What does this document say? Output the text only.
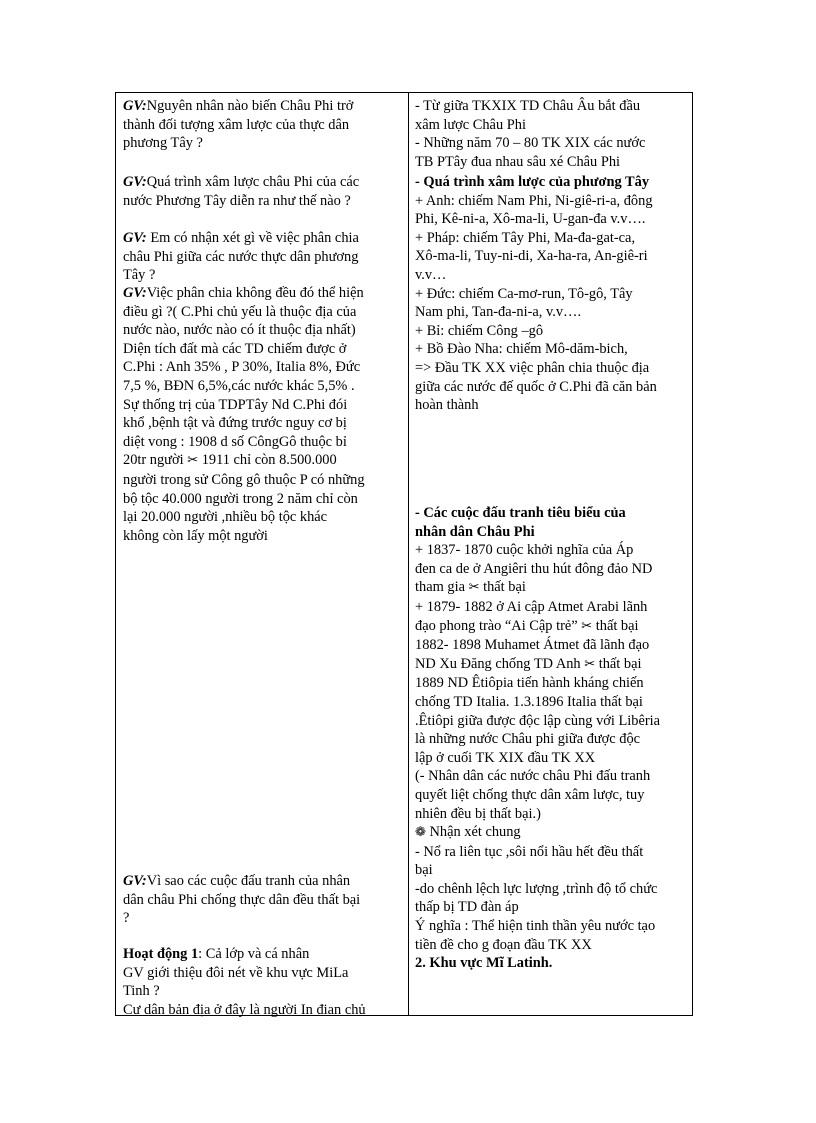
GV:Nguyên nhân nào biến Châu Phi trở
thành đối tượng xâm lược của thực dân
phương Tây ?
GV:Quá trình xâm lược châu Phi của các
nước Phương Tây diễn ra như thế nào ?
GV: Em có nhận xét gì về việc phân chia
châu Phi giữa các nước thực dân phương
Tây ?
GV:Việc phân chia không đều đó thể hiện
điều gì ?( C.Phi chủ yếu là thuộc địa của
nước nào, nước nào có ít thuộc địa nhất)
Diện tích đất mà các TD chiếm được ở
C.Phi : Anh 35% , P 30%, Italia 8%, Đức
7,5 %, BĐN 6,5%,các nước khác 5,5% .
Sự thống trị của TDPTây Nd C.Phi đói
khổ ,bệnh tật và đứng trước nguy cơ bị
diệt vong : 1908 d số CôngGô thuộc bỉ
20tr người ✂ 1911 chỉ còn 8.500.000
người trong sử Công gô thuộc P có những
bộ tộc 40.000 người trong 2 năm chỉ còn
lại 20.000 người ,nhiều bộ tộc khác
không còn lấy một người
GV:Vì sao các cuộc đấu tranh của nhân
dân châu Phi chống thực dân đều thất bại
?
Hoạt động 1: Cả lớp và cá nhân
GV giới thiệu đôi nét về khu vực MiLa
Tinh ?
Cư dân bản địa ở đây là người In đian chủ
- Từ giữa TKXIX TD Châu Âu bắt đầu
xâm lược Châu Phi
- Những năm 70 – 80 TK XIX các nước
TB PTây đua nhau sâu xé Châu Phi
- Quá trình xâm lược của phương Tây
+ Anh: chiếm Nam Phi, Ni-giê-ri-a, đông
Phi, Kê-ni-a, Xô-ma-li, U-gan-đa v.v….
+ Pháp: chiếm Tây Phi, Ma-đa-gat-ca,
Xô-ma-li, Tuy-ni-di, Xa-ha-ra, An-giê-ri
v.v…
+ Đức: chiếm Ca-mơ-run, Tô-gô, Tây
Nam phi, Tan-đa-ni-a, v.v….
+ Bỉ: chiếm Công –gô
+ Bồ Đào Nha: chiếm Mô-dăm-bich,
=> Đầu TK XX việc phân chia thuộc địa
giữa các nước đế quốc ở C.Phi đã căn bản
hoàn thành
- Các cuộc đấu tranh tiêu biểu của
nhân dân Châu Phi
+ 1837- 1870 cuộc khởi nghĩa của Áp
đen ca de ở Angiêri thu hút đông đảo ND
tham gia ✂ thất bại
+ 1879- 1882 ở Ai cập Atmet Arabi lãnh
đạo phong trào “Ai Cập trẻ” ✂ thất bại
1882- 1898 Muhamet Átmet đã lãnh đạo
ND Xu Đăng chống TD Anh ✂ thất bại
1889 ND Êtiôpia tiến hành kháng chiến
chống TD Italia. 1.3.1896 Italia thất bại
.Êtiôpi giữa được độc lập cùng với Libêria
là những nước Châu phi giữa được độc
lập ở cuối TK XIX đầu TK XX
(- Nhân dân các nước châu Phi đấu tranh
quyết liệt chống thực dân xâm lược, tuy
nhiên đều bị thất bại.)
❁ Nhận xét chung
- Nổ ra liên tục ,sôi nổi hầu hết đều thất
bại
-do chênh lệch lực lượng ,trình độ tổ chức
thấp bị TD đàn áp
Ý nghĩa : Thể hiện tinh thần yêu nước tạo
tiền đề cho g đoạn đầu TK XX
2. Khu vực Mĩ Latinh.
